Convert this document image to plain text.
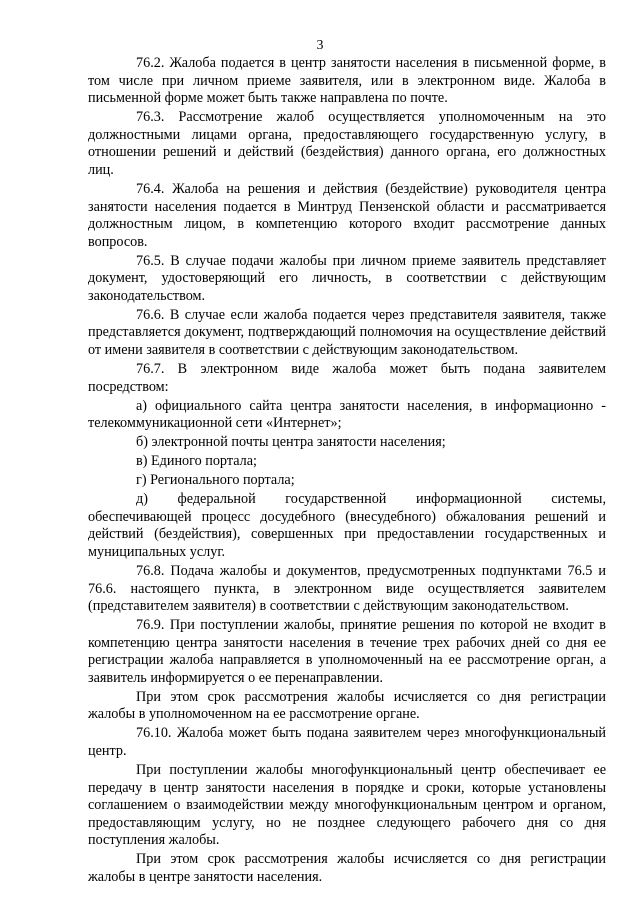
3

76.2. Жалоба подается в центр занятости населения в письменной форме, в том числе при личном приеме заявителя, или в электронном виде. Жалоба в письменной форме может быть также направлена по почте.

76.3. Рассмотрение жалоб осуществляется уполномоченным на это должностными лицами органа, предоставляющего государственную услугу, в отношении решений и действий (бездействия) данного органа, его должностных лиц.

76.4. Жалоба на решения и действия (бездействие) руководителя центра занятости населения подается в Минтруд Пензенской области и рассматривается должностным лицом, в компетенцию которого входит рассмотрение данных вопросов.

76.5. В случае подачи жалобы при личном приеме заявитель представляет документ, удостоверяющий его личность, в соответствии с действующим законодательством.

76.6. В случае если жалоба подается через представителя заявителя, также представляется документ, подтверждающий полномочия на осуществление действий от имени заявителя в соответствии с действующим законодательством.

76.7. В электронном виде жалоба может быть подана заявителем посредством:

а) официального сайта центра занятости населения, в информационно - телекоммуникационной сети «Интернет»;

б) электронной почты центра занятости населения;

в) Единого портала;

г) Регионального портала;

д) федеральной государственной информационной системы, обеспечивающей процесс досудебного (внесудебного) обжалования решений и действий (бездействия), совершенных при предоставлении государственных и муниципальных услуг.

76.8. Подача жалобы и документов, предусмотренных подпунктами 76.5 и 76.6. настоящего пункта, в электронном виде осуществляется заявителем (представителем заявителя) в соответствии с действующим законодательством.

76.9. При поступлении жалобы, принятие решения по которой не входит в компетенцию центра занятости населения в течение трех рабочих дней со дня ее регистрации жалоба направляется в уполномоченный на ее рассмотрение орган, а заявитель информируется о ее перенаправлении.

При этом срок рассмотрения жалобы исчисляется со дня регистрации жалобы в уполномоченном на ее рассмотрение органе.

76.10. Жалоба может быть подана заявителем через многофункциональный центр.

При поступлении жалобы многофункциональный центр обеспечивает ее передачу в центр занятости населения в порядке и сроки, которые установлены соглашением о взаимодействии между многофункциональным центром и органом, предоставляющим услугу, но не позднее следующего рабочего дня со дня поступления жалобы.

При этом срок рассмотрения жалобы исчисляется со дня регистрации жалобы в центре занятости населения.
